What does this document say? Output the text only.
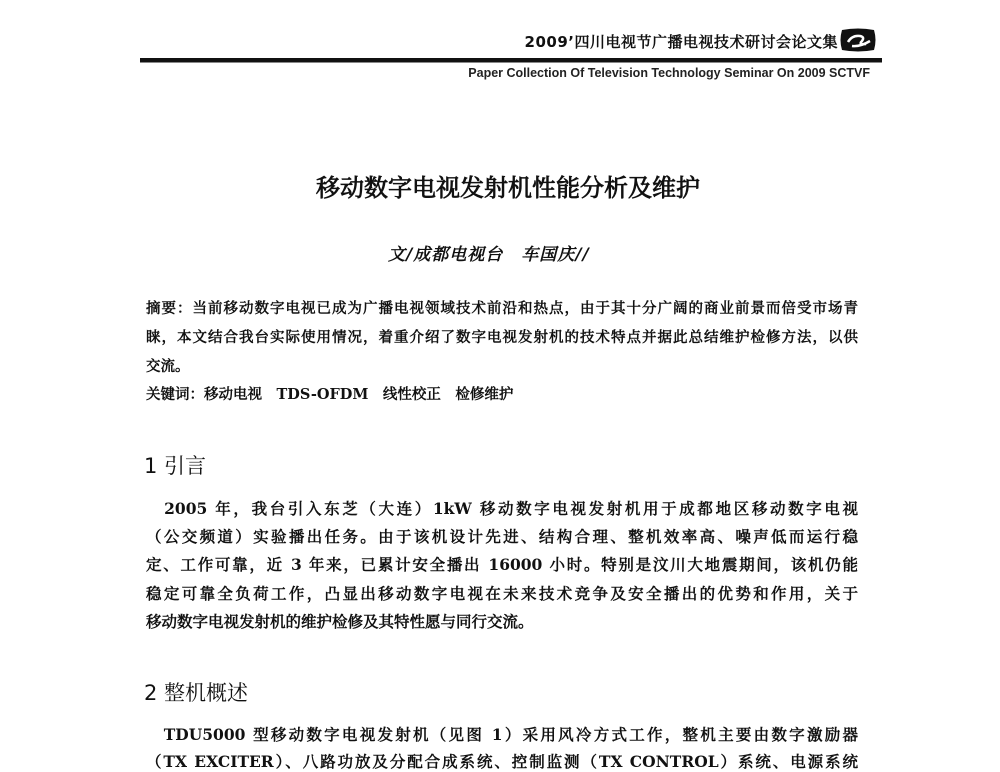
2009’四川电视节广播电视技术研讨会论文集
Paper Collection Of Television Technology Seminar On 2009 SCTVF
移动数字电视发射机性能分析及维护
文/成都电视台　车国庆//
摘要：当前移动数字电视已成为广播电视领域技术前沿和热点，由于其十分广阔的商业前景而倍受市场青
睐，本文结合我台实际使用情况，着重介绍了数字电视发射机的技术特点并据此总结维护检修方法，以供
交流。
关键词：移动电视　TDS-OFDM　线性校正　检修维护
1 引言
　2005 年，我台引入东芝（大连）1kW 移动数字电视发射机用于成都地区移动数字电视
（公交频道）实验播出任务。由于该机设计先进、结构合理、整机效率高、噪声低而运行稳
定、工作可靠，近 3 年来，已累计安全播出 16000 小时。特别是汶川大地震期间，该机仍能
稳定可靠全负荷工作，凸显出移动数字电视在未来技术竞争及安全播出的优势和作用，关于
移动数字电视发射机的维护检修及其特性愿与同行交流。
2 整机概述
　TDU5000 型移动数字电视发射机（见图 1）采用风冷方式工作，整机主要由数字激励器
（TX EXCITER）、八路功放及分配合成系统、控制监测（TX CONTROL）系统、电源系统
